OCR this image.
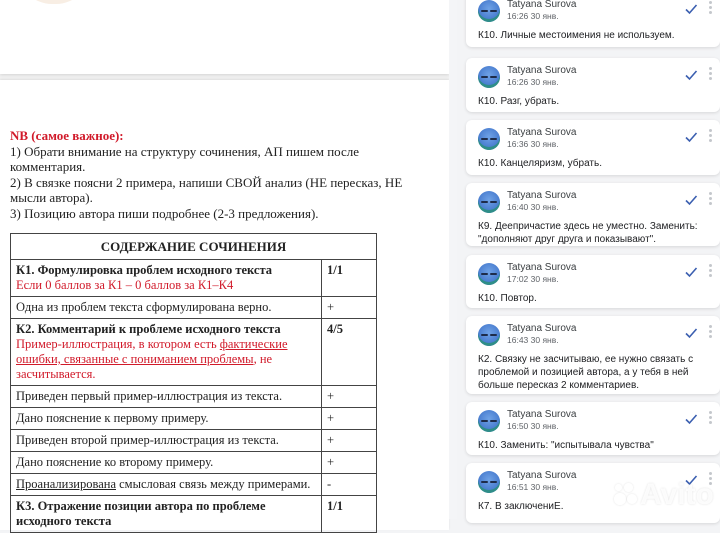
NB (самое важное):
1) Обрати внимание на структуру сочинения, АП пишем после комментария.
2) В связке поясни 2 примера, напиши СВОЙ анализ (НЕ пересказ, НЕ мысли автора).
3) Позицию автора пиши подробнее (2-3 предложения).
СОДЕРЖАНИЕ СОЧИНЕНИЯ	

К1. Формулировка проблем исходного текста
Если 0 баллов за К1 – 0 баллов за К1–К4	1/1
Одна из проблем текста сформулирована верно.	+

К2. Комментарий к проблеме исходного текста
Пример-иллюстрация, в котором есть фактические ошибки, связанные с пониманием проблемы, не засчитывается.	4/5
Приведен первый пример-иллюстрация из текста.	+
Дано пояснение к первому примеру.	+
Приведен второй пример-иллюстрация из текста.	+
Дано пояснение ко второму примеру.	+
Проанализирована смысловая связь между примерами.	-
К3. Отражение позиции автора по проблеме исходного текста	1/1
Tatyana Surova
16:26 30 янв.
К10. Личные местоимения не используем.
Tatyana Surova
16:26 30 янв.
К10. Разг, убрать.
Tatyana Surova
16:36 30 янв.
К10. Канцеляризм, убрать.
Tatyana Surova
16:40 30 янв.
К9. Деепричастие здесь не уместно. Заменить: "дополняют друг друга и показывают".
Tatyana Surova
17:02 30 янв.
К10. Повтор.
Tatyana Surova
16:43 30 янв.
К2. Связку не засчитываю, ее нужно связать с проблемой и позицией автора, а у тебя в ней больше пересказ 2 комментариев.
Tatyana Surova
16:50 30 янв.
К10. Заменить: "испытывала чувства"
Tatyana Surova
16:51 30 янв.
К7. В заключениЕ.	Avito
